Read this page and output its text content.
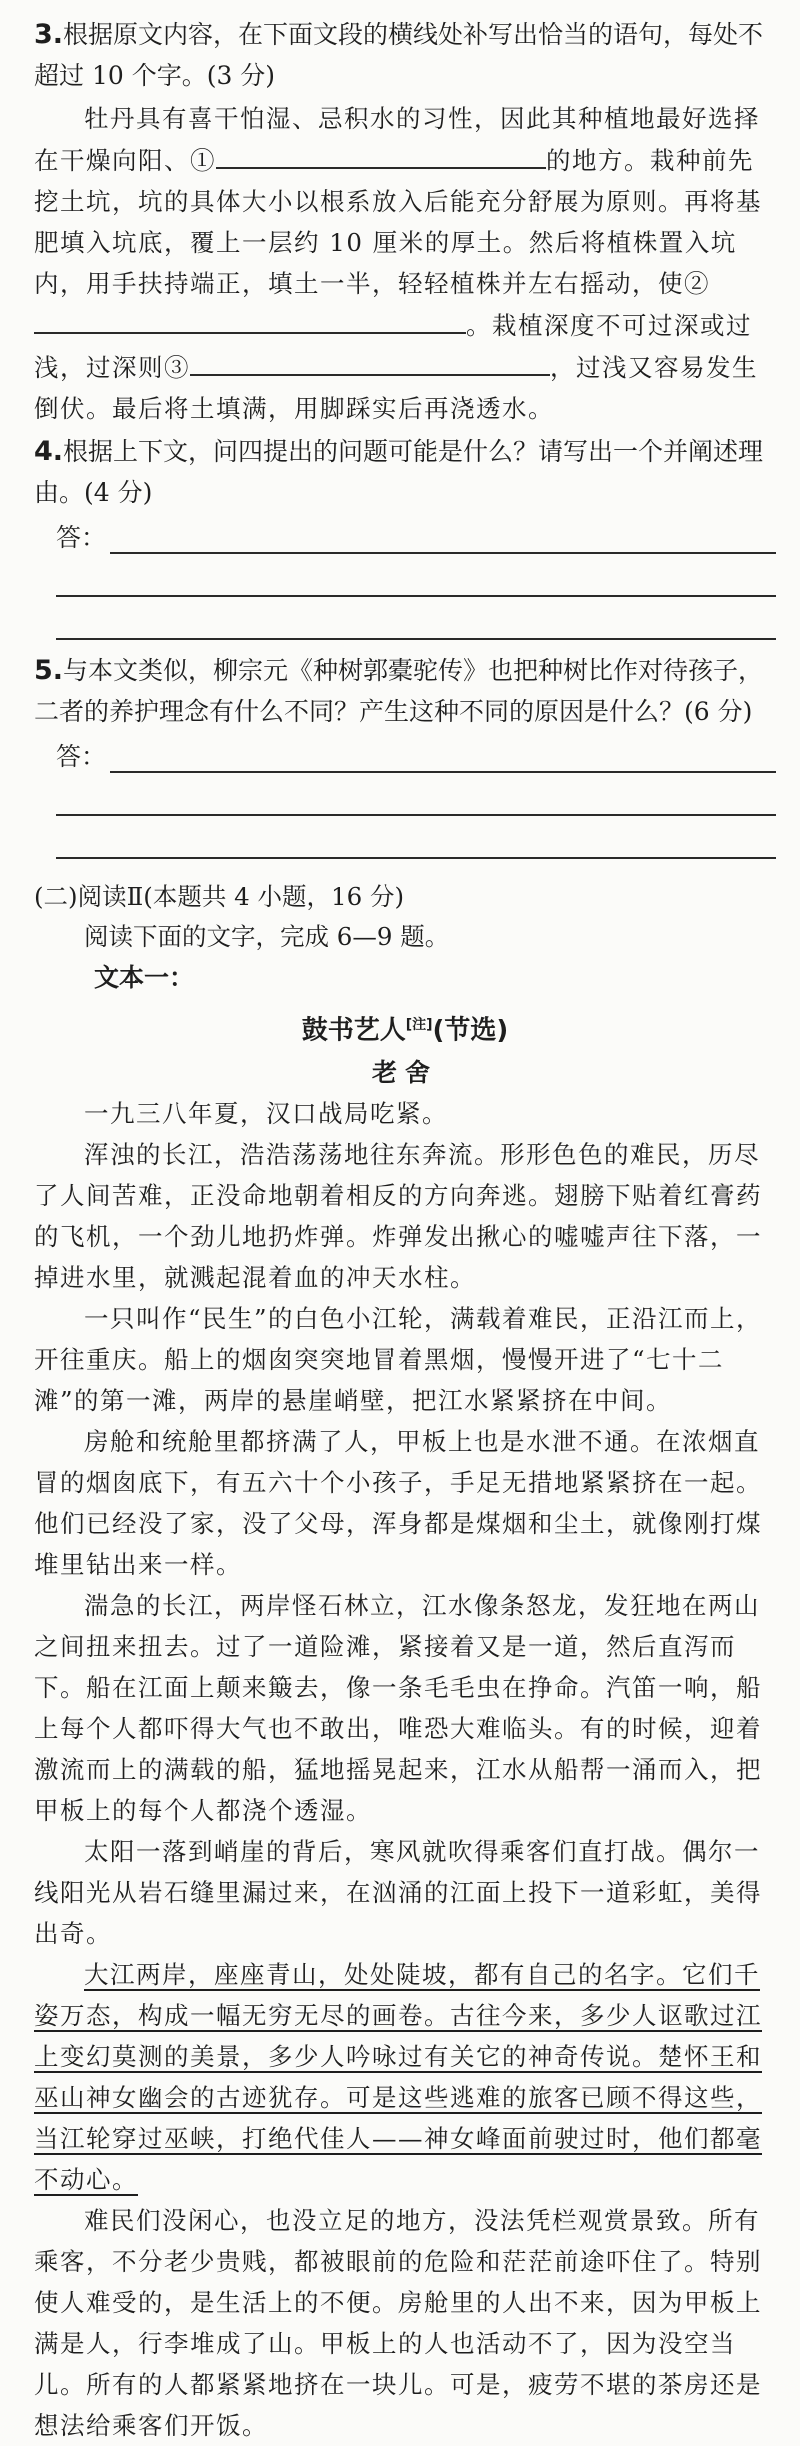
3.根据原文内容，在下面文段的横线处补写出恰当的语句，每处不超过 10 个字。(3 分)

牡丹具有喜干怕湿、忌积水的习性，因此其种植地最好选择在干燥向阳、①	的地方。栽种前先挖土坑，坑的具体大小以根系放入后能充分舒展为原则。再将基肥填入坑底，覆上一层约 10 厘米的厚土。然后将植株置入坑内，用手扶持端正，填土一半，轻轻植株并左右摇动，使②。栽植深度不可过深或过浅，过深则③	，过浅又容易发生倒伏。最后将土填满，用脚踩实后再浇透水。

4.根据上下文，问四提出的问题可能是什么？请写出一个并阐述理由。(4 分)

答：

5.与本文类似，柳宗元《种树郭橐驼传》也把种树比作对待孩子，二者的养护理念有什么不同？产生这种不同的原因是什么？(6 分)

答：

(二)阅读Ⅱ(本题共 4 小题，16 分)

阅读下面的文字，完成 6—9 题。

文本一：

鼓书艺人[注](节选)

老舍

一九三八年夏，汉口战局吃紧。

浑浊的长江，浩浩荡荡地往东奔流。形形色色的难民，历尽了人间苦难，正没命地朝着相反的方向奔逃。翅膀下贴着红膏药的飞机，一个劲儿地扔炸弹。炸弹发出揪心的嘘嘘声往下落，一掉进水里，就溅起混着血的冲天水柱。

一只叫作“民生”的白色小江轮，满载着难民，正沿江而上，开往重庆。船上的烟囱突突地冒着黑烟，慢慢开进了“七十二滩”的第一滩，两岸的悬崖峭壁，把江水紧紧挤在中间。

房舱和统舱里都挤满了人，甲板上也是水泄不通。在浓烟直冒的烟囱底下，有五六十个小孩子，手足无措地紧紧挤在一起。他们已经没了家，没了父母，浑身都是煤烟和尘土，就像刚打煤堆里钻出来一样。

湍急的长江，两岸怪石林立，江水像条怒龙，发狂地在两山之间扭来扭去。过了一道险滩，紧接着又是一道，然后直泻而下。船在江面上颠来簸去，像一条毛毛虫在挣命。汽笛一响，船上每个人都吓得大气也不敢出，唯恐大难临头。有的时候，迎着激流而上的满载的船，猛地摇晃起来，江水从船帮一涌而入，把甲板上的每个人都浇个透湿。

太阳一落到峭崖的背后，寒风就吹得乘客们直打战。偶尔一线阳光从岩石缝里漏过来，在汹涌的江面上投下一道彩虹，美得出奇。

大江两岸，座座青山，处处陡坡，都有自己的名字。它们千姿万态，构成一幅无穷无尽的画卷。古往今来，多少人讴歌过江上变幻莫测的美景，多少人吟咏过有关它的神奇传说。楚怀王和巫山神女幽会的古迹犹存。可是这些逃难的旅客已顾不得这些，当江轮穿过巫峡，打绝代佳人——神女峰面前驶过时，他们都毫不动心。

难民们没闲心，也没立足的地方，没法凭栏观赏景致。所有乘客，不分老少贵贱，都被眼前的危险和茫茫前途吓住了。特别使人难受的，是生活上的不便。房舱里的人出不来，因为甲板上满是人，行李堆成了山。甲板上的人也活动不了，因为没空当儿。所有的人都紧紧地挤在一块儿。可是，疲劳不堪的茶房还是想法给乘客们开饭。
